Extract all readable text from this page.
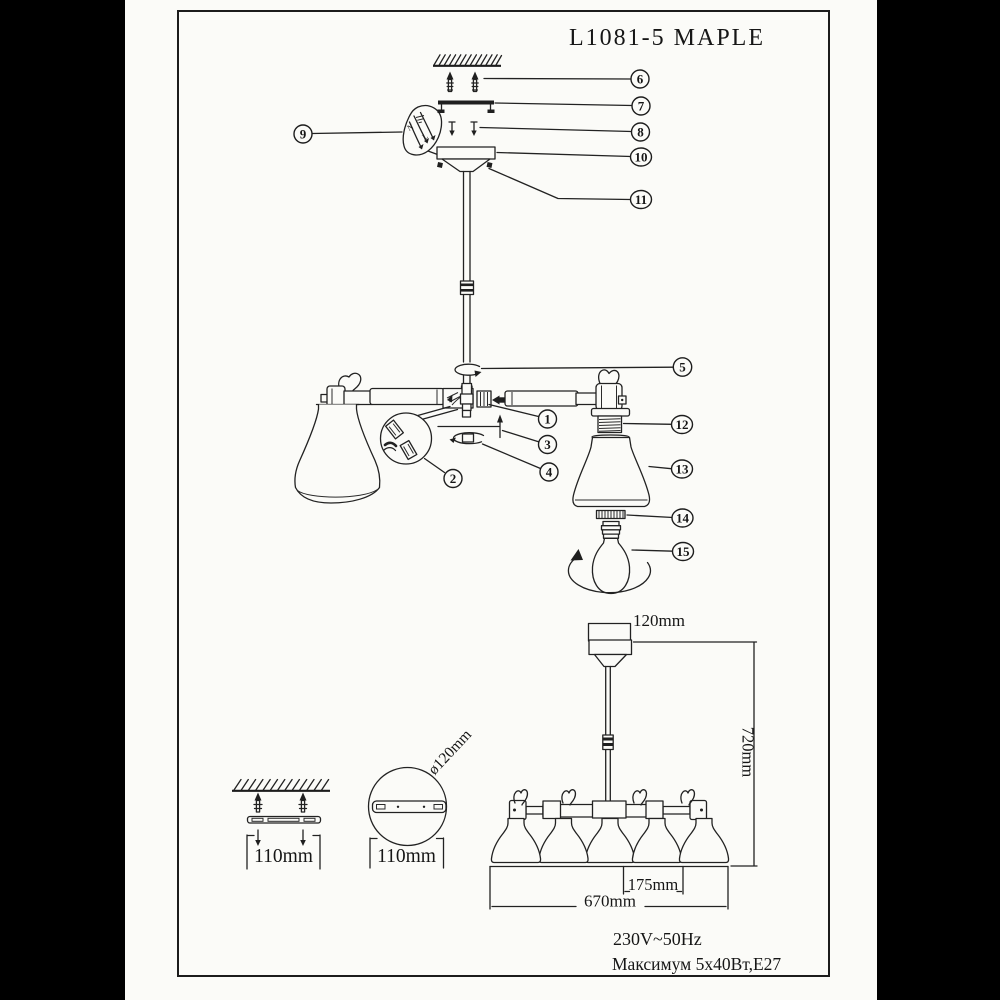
L1081-5 MAPLE
N
L
6
7
8
10
11
9
5
12
13
14
15
1
3
4
2
110mm
ø120mm
110mm
120mm
720mm
670mm
175mm
230V~50Hz
Максимум 5x40Вт,E27
